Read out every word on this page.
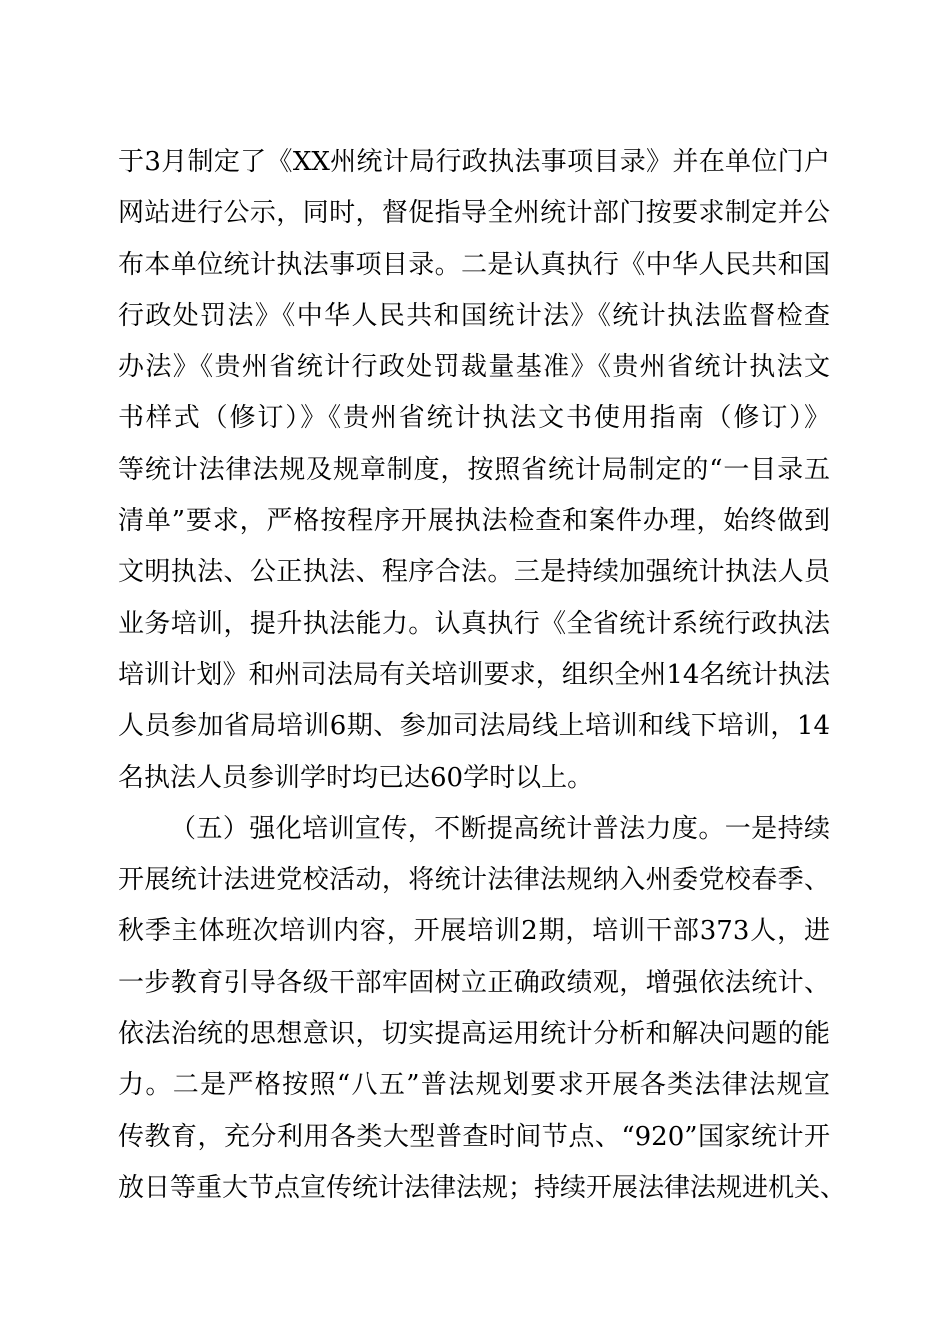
于3月制定了《XX州统计局行政执法事项目录》并在单位门户
网站进行公示，同时，督促指导全州统计部门按要求制定并公
布本单位统计执法事项目录。二是认真执行《中华人民共和国
行政处罚法》《中华人民共和国统计法》《统计执法监督检查
办法》《贵州省统计行政处罚裁量基准》《贵州省统计执法文
书样式（修订）》《贵州省统计执法文书使用指南（修订）》
等统计法律法规及规章制度，按照省统计局制定的“一目录五
清单”要求，严格按程序开展执法检查和案件办理，始终做到
文明执法、公正执法、程序合法。三是持续加强统计执法人员
业务培训，提升执法能力。认真执行《全省统计系统行政执法
培训计划》和州司法局有关培训要求，组织全州14名统计执法
人员参加省局培训6期、参加司法局线上培训和线下培训，14
名执法人员参训学时均已达60学时以上。
（五）强化培训宣传，不断提高统计普法力度。一是持续
开展统计法进党校活动，将统计法律法规纳入州委党校春季、
秋季主体班次培训内容，开展培训2期，培训干部373人，进
一步教育引导各级干部牢固树立正确政绩观，增强依法统计、
依法治统的思想意识，切实提高运用统计分析和解决问题的能
力。二是严格按照“八五”普法规划要求开展各类法律法规宣
传教育，充分利用各类大型普查时间节点、“920”国家统计开
放日等重大节点宣传统计法律法规；持续开展法律法规进机关、
